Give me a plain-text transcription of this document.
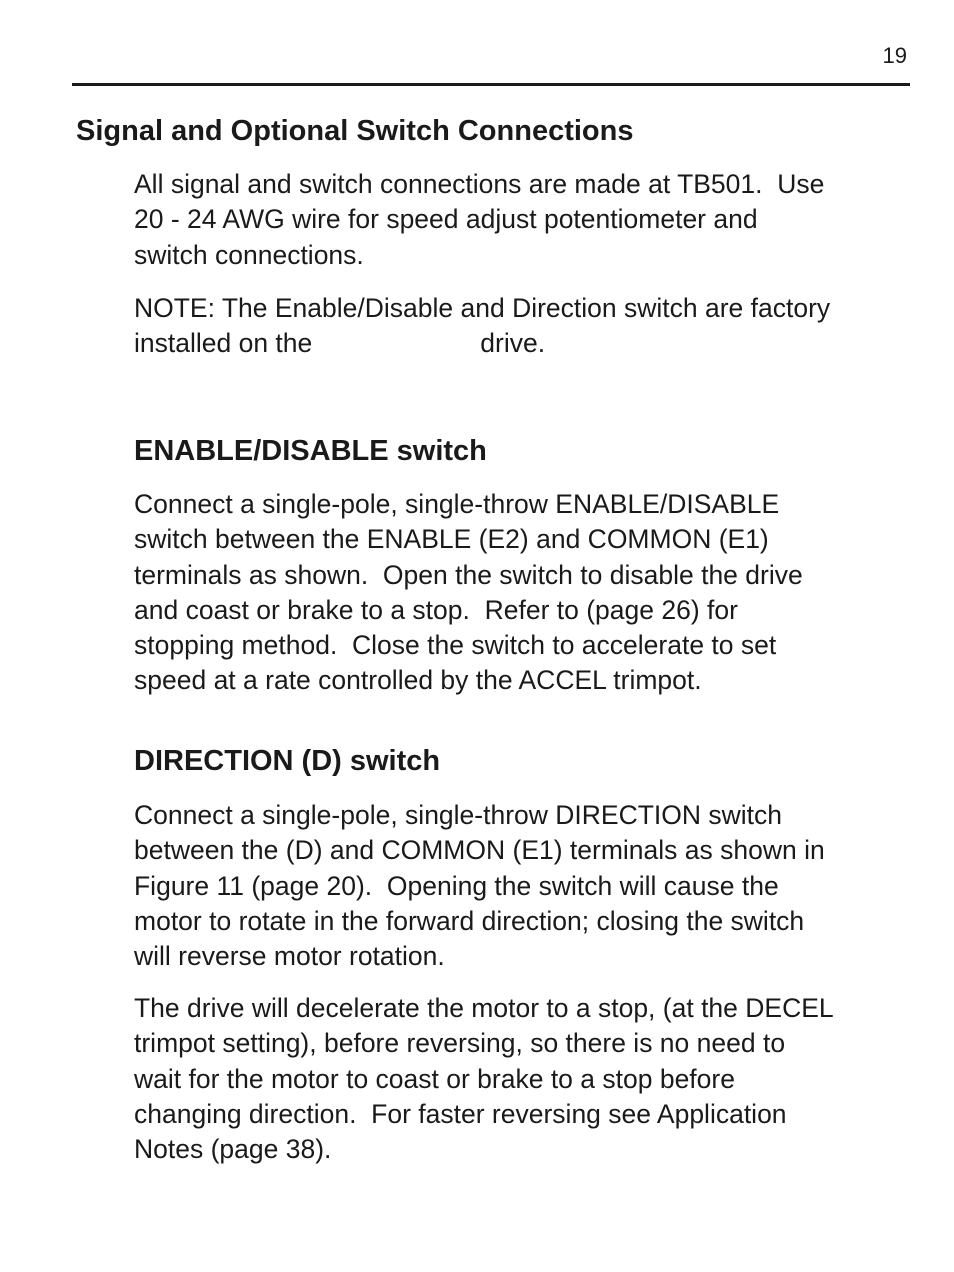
19
Signal and Optional Switch Connections

All signal and switch connections are made at TB501.  Use
20 - 24 AWG wire for speed adjust potentiometer and
switch connections.

NOTE: The Enable/Disable and Direction switch are factory
installed on the	drive.

ENABLE/DISABLE switch

Connect a single-pole, single-throw ENABLE/DISABLE
switch between the ENABLE (E2) and COMMON (E1)
terminals as shown.  Open the switch to disable the drive
and coast or brake to a stop.  Refer to (page 26) for
stopping method.  Close the switch to accelerate to set
speed at a rate controlled by the ACCEL trimpot.

DIRECTION (D) switch

Connect a single-pole, single-throw DIRECTION switch
between the (D) and COMMON (E1) terminals as shown in
Figure 11 (page 20).  Opening the switch will cause the
motor to rotate in the forward direction; closing the switch
will reverse motor rotation.

The drive will decelerate the motor to a stop, (at the DECEL
trimpot setting), before reversing, so there is no need to
wait for the motor to coast or brake to a stop before
changing direction.  For faster reversing see Application
Notes (page 38).
